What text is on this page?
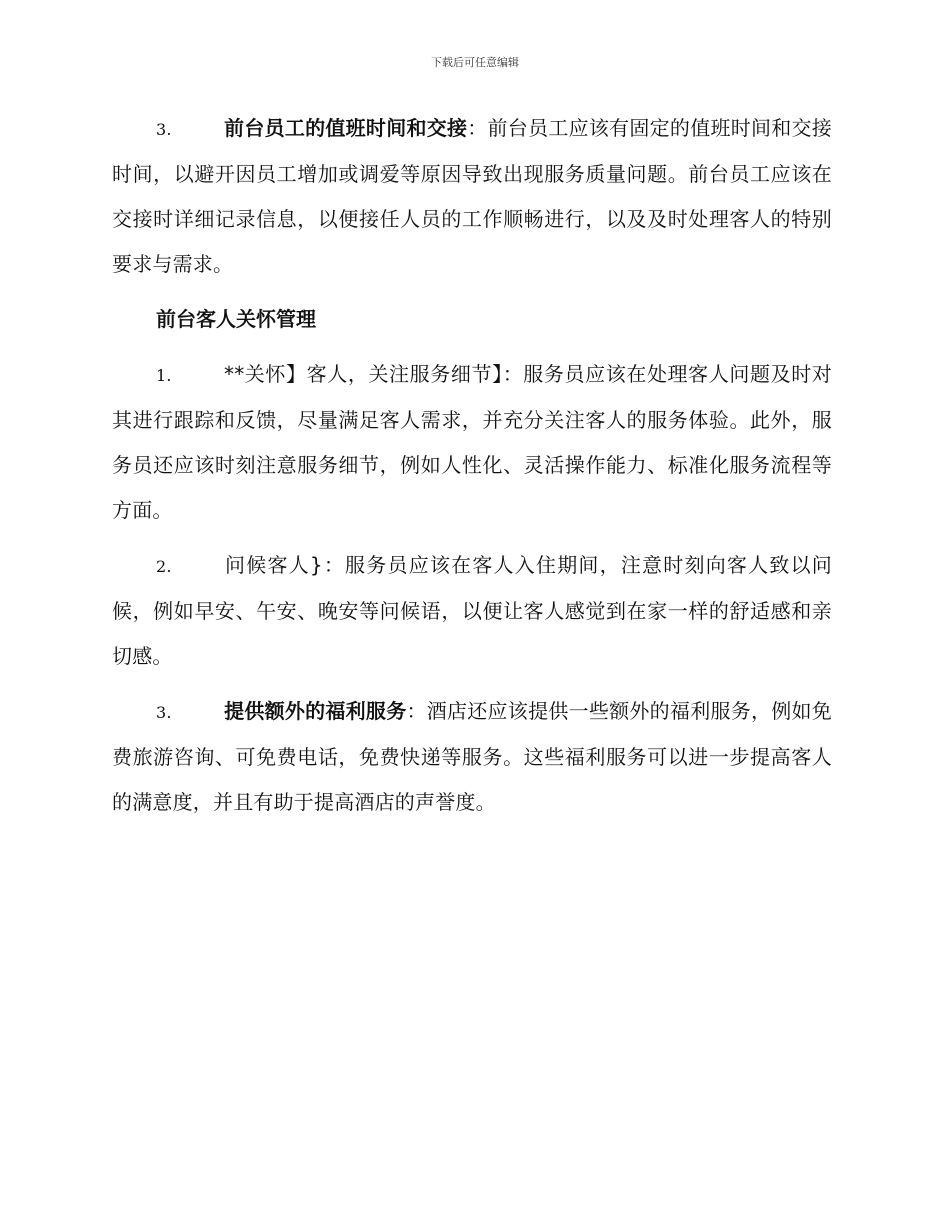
下载后可任意编辑

3.	前台员工的值班时间和交接：前台员工应该有固定的值班时间和交接时间，以避开因员工增加或调爱等原因导致出现服务质量问题。前台员工应该在交接时详细记录信息，以便接任人员的工作顺畅进行，以及及时处理客人的特别要求与需求。

前台客人关怀管理

1.	**关怀】客人，关注服务细节】：服务员应该在处理客人问题及时对其进行跟踪和反馈，尽量满足客人需求，并充分关注客人的服务体验。此外，服务员还应该时刻注意服务细节，例如人性化、灵活操作能力、标准化服务流程等方面。

2.	问候客人}：服务员应该在客人入住期间，注意时刻向客人致以问候，例如早安、午安、晚安等问候语，以便让客人感觉到在家一样的舒适感和亲切感。

3.	提供额外的福利服务：酒店还应该提供一些额外的福利服务，例如免费旅游咨询、可免费电话，免费快递等服务。这些福利服务可以进一步提高客人的满意度，并且有助于提高酒店的声誉度。
